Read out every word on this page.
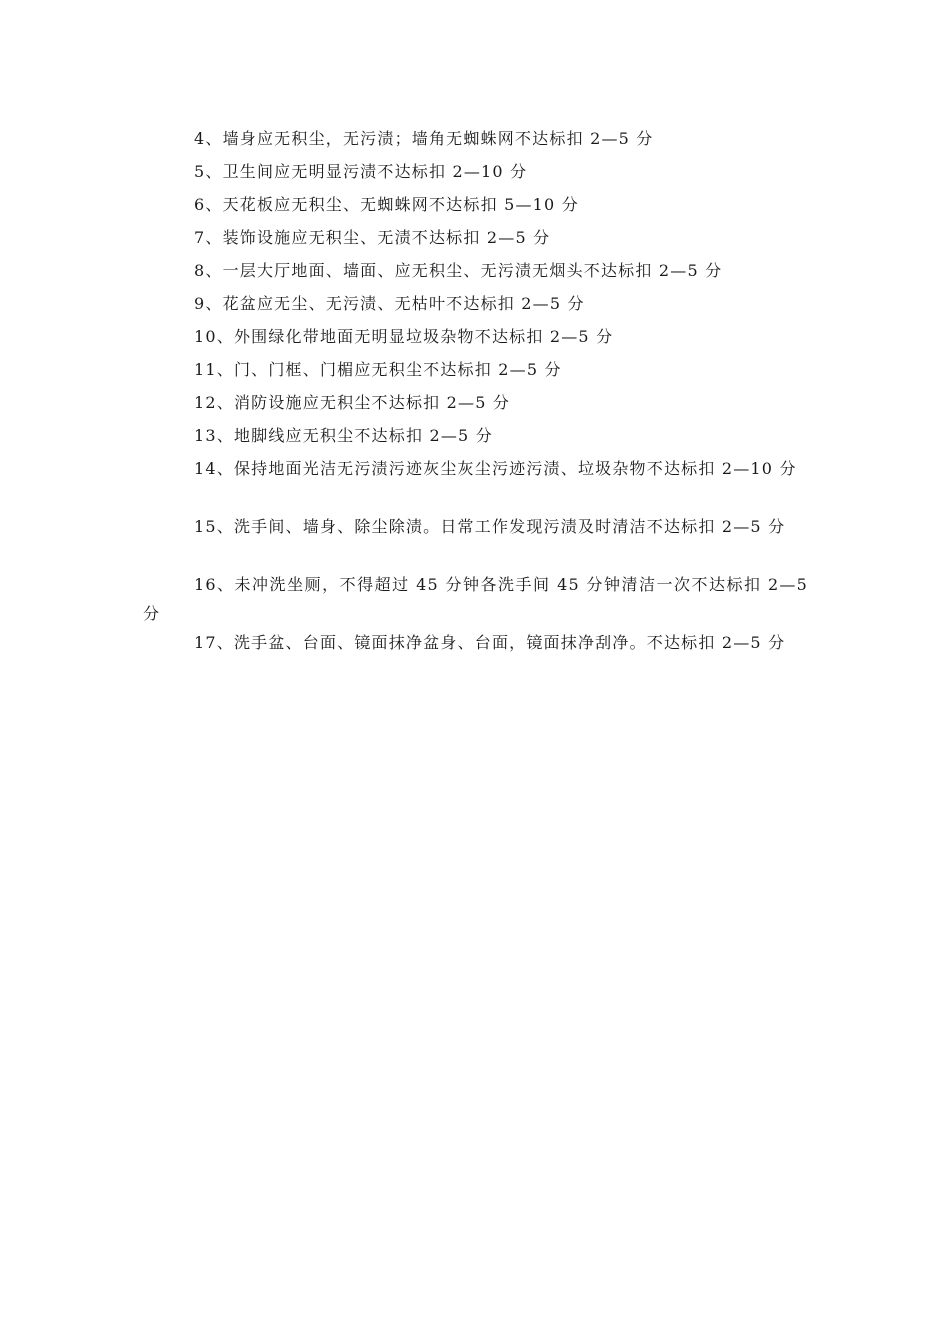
4、墙身应无积尘，无污渍；墙角无蜘蛛网不达标扣 2—5 分

5、卫生间应无明显污渍不达标扣 2—10 分

6、天花板应无积尘、无蜘蛛网不达标扣 5—10 分

7、装饰设施应无积尘、无渍不达标扣 2—5 分

8、一层大厅地面、墙面、应无积尘、无污渍无烟头不达标扣 2—5 分

9、花盆应无尘、无污渍、无枯叶不达标扣 2—5 分

10、外围绿化带地面无明显垃圾杂物不达标扣 2—5 分

11、门、门框、门楣应无积尘不达标扣 2—5 分

12、消防设施应无积尘不达标扣 2—5 分

13、地脚线应无积尘不达标扣 2—5 分

14、保持地面光洁无污渍污迹灰尘灰尘污迹污渍、垃圾杂物不达标扣 2—10 分

15、洗手间、墙身、除尘除渍。日常工作发现污渍及时清洁不达标扣 2—5 分

16、未冲洗坐厕，不得超过 45 分钟各洗手间 45 分钟清洁一次不达标扣 2—5 分

17、洗手盆、台面、镜面抹净盆身、台面，镜面抹净刮净。不达标扣 2—5 分
